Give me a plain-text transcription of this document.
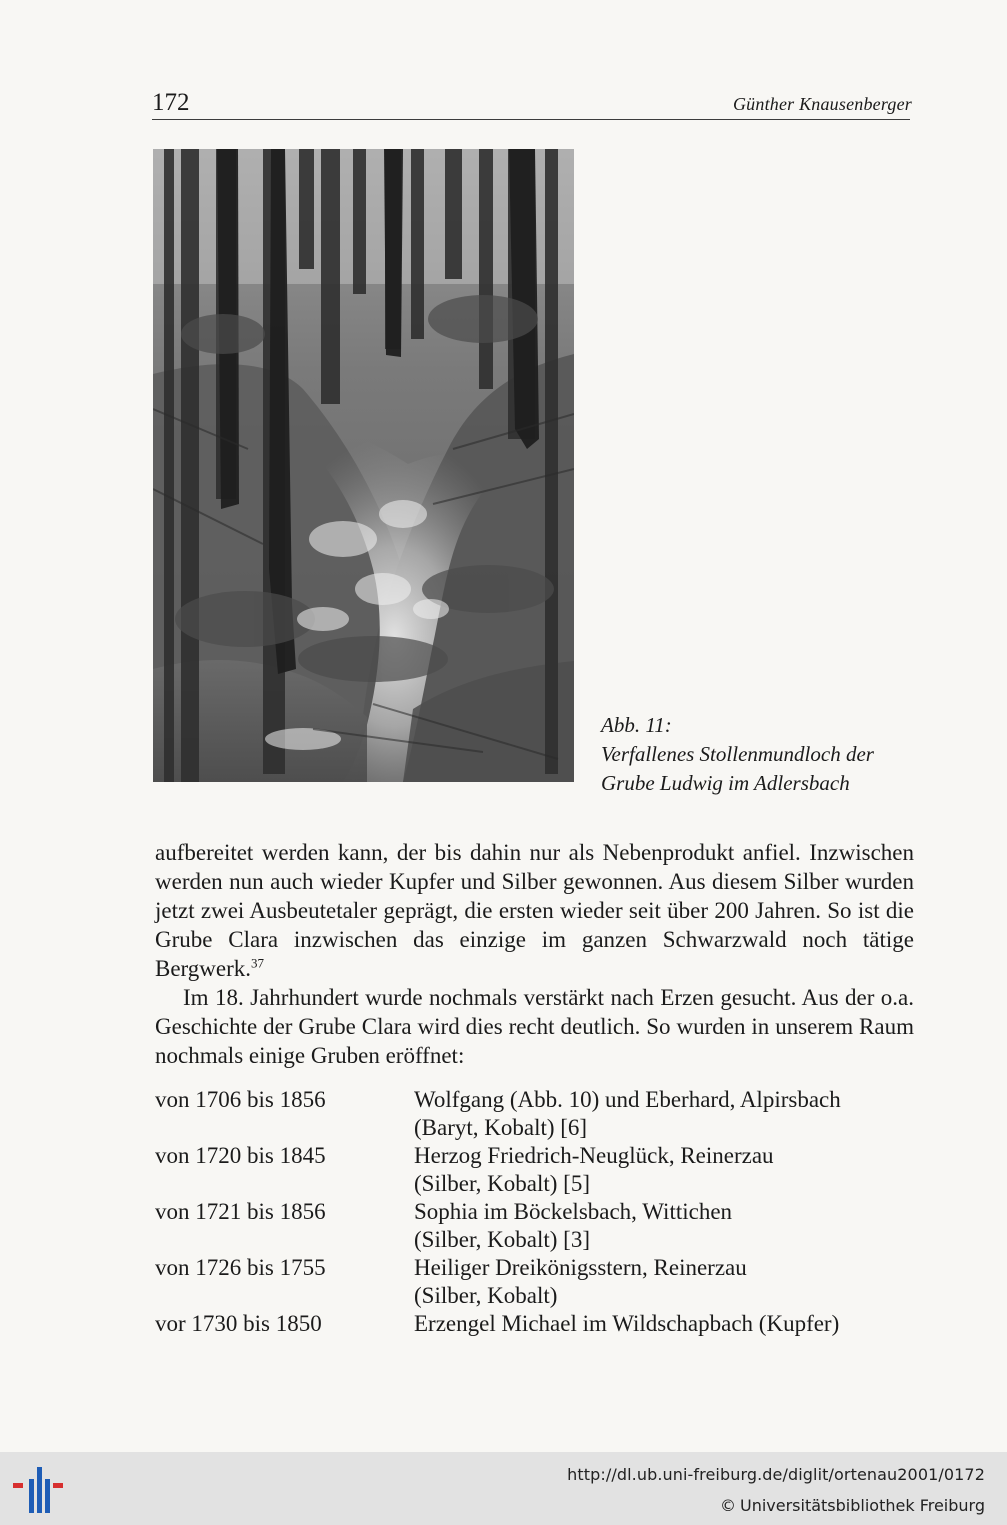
172	Günther Knausenberger
Abb. 11:
Verfallenes Stollenmundloch der
Grube Ludwig im Adlersbach

aufbereitet werden kann, der bis dahin nur als Nebenprodukt anfiel. Inzwischen werden nun auch wieder Kupfer und Silber gewonnen. Aus diesem Silber wurden jetzt zwei Ausbeutetaler geprägt, die ersten wieder seit über 200 Jahren. So ist die Grube Clara inzwischen das einzige im ganzen Schwarzwald noch tätige Bergwerk.$^{37}$

Im 18. Jahrhundert wurde nochmals verstärkt nach Erzen gesucht. Aus der o.a. Geschichte der Grube Clara wird dies recht deutlich. So wurden in unserem Raum nochmals einige Gruben eröffnet:

von 1706 bis 1856	Wolfgang (Abb. 10) und Eberhard, Alpirsbach
(Baryt, Kobalt) [6]
von 1720 bis 1845	Herzog Friedrich-Neuglück, Reinerzau
(Silber, Kobalt) [5]
von 1721 bis 1856	Sophia im Böckelsbach, Wittichen
(Silber, Kobalt) [3]
von 1726 bis 1755	Heiliger Dreikönigsstern, Reinerzau
(Silber, Kobalt)
vor 1730 bis 1850	Erzengel Michael im Wildschapbach (Kupfer)
http://dl.ub.uni-freiburg.de/diglit/ortenau2001/0172
© Universitätsbibliothek Freiburg
